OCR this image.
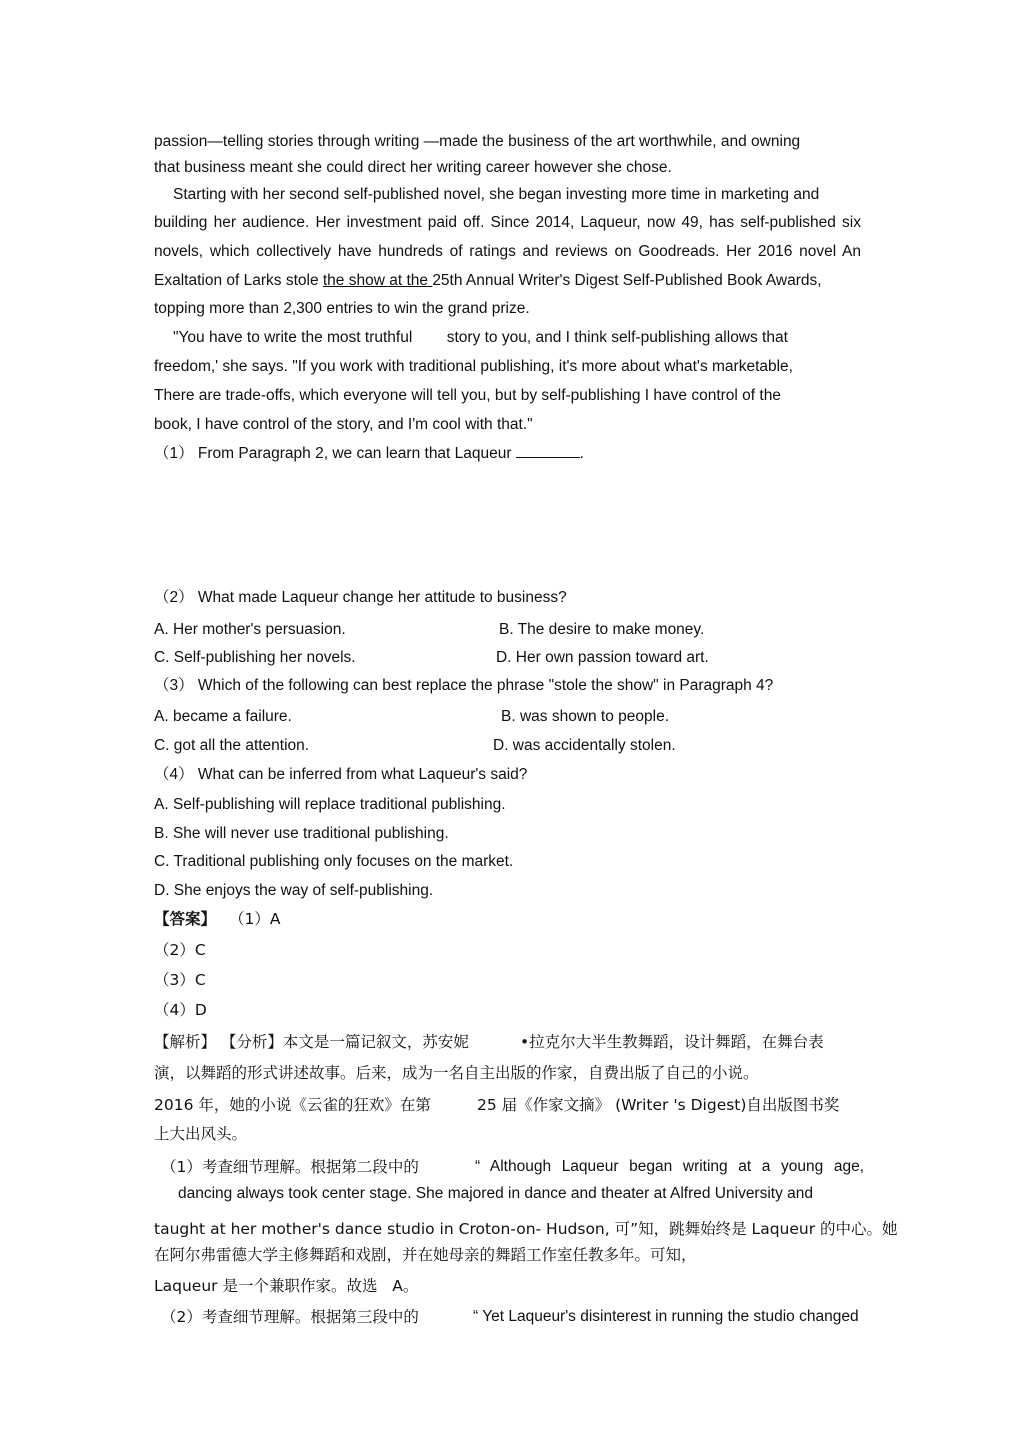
passion—telling stories through writing —made the business of the art worthwhile, and owning
that business meant she could direct her writing career however she chose.
Starting with her second self-published novel, she began investing more time in marketing and
building her audience. Her investment paid off. Since 2014, Laqueur, now 49, has self-published six
novels, which collectively have hundreds of ratings and reviews on Goodreads. Her 2016 novel An
Exaltation of Larks stole the show at the 25th Annual Writer's Digest Self-Published Book Awards,
topping more than 2,300 entries to win the grand prize.
"You have to write the most truthful        story to you, and I think self-publishing allows that
freedom,' she says. "If you work with traditional publishing, it's more about what's marketable,
There are trade-offs, which everyone will tell you, but by self-publishing I have control of the
book, I have control of the story, and I'm cool with that."
（1） From Paragraph 2, we can learn that Laqueur	.
（2） What made Laqueur change her attitude to business?
A. Her mother's persuasion.	B. The desire to make money.
C. Self-publishing her novels.	D. Her own passion toward art.
（3） Which of the following can best replace the phrase "stole the show" in Paragraph 4?
A. became a failure.	B. was shown to people.
C. got all the attention.	D. was accidentally stolen.
（4） What can be inferred from what Laqueur's said?
A. Self-publishing will replace traditional publishing.
B. She will never use traditional publishing.
C. Traditional publishing only focuses on the market.
D. She enjoys the way of self-publishing.
【答案】 （1）A
（2）C
（3）C
（4）D
【解析】 【分析】本文是一篇记叙文，苏安妮	•拉克尔大半生教舞蹈，设计舞蹈，在舞台表
演，以舞蹈的形式讲述故事。后来，成为一名自主出版的作家，自费出版了自己的小说。
2016 年，她的小说《云雀的狂欢》在第	25 届《作家文摘》 (Writer 's Digest)自出版图书奖
上大出风头。
（1）考查细节理解。根据第二段中的	“ Although Laqueur began writing at a young age,
dancing always took center stage. She majored in dance and theater at Alfred University and
taught at her mother's dance studio in Croton-on- Hudson, 可”知，跳舞始终是 Laqueur 的中心。她
在阿尔弗雷德大学主修舞蹈和戏剧，并在她母亲的舞蹈工作室任教多年。可知，
Laqueur 是一个兼职作家。故选   A。
（2）考查细节理解。根据第三段中的	“ Yet Laqueur's disinterest in running the studio changed
